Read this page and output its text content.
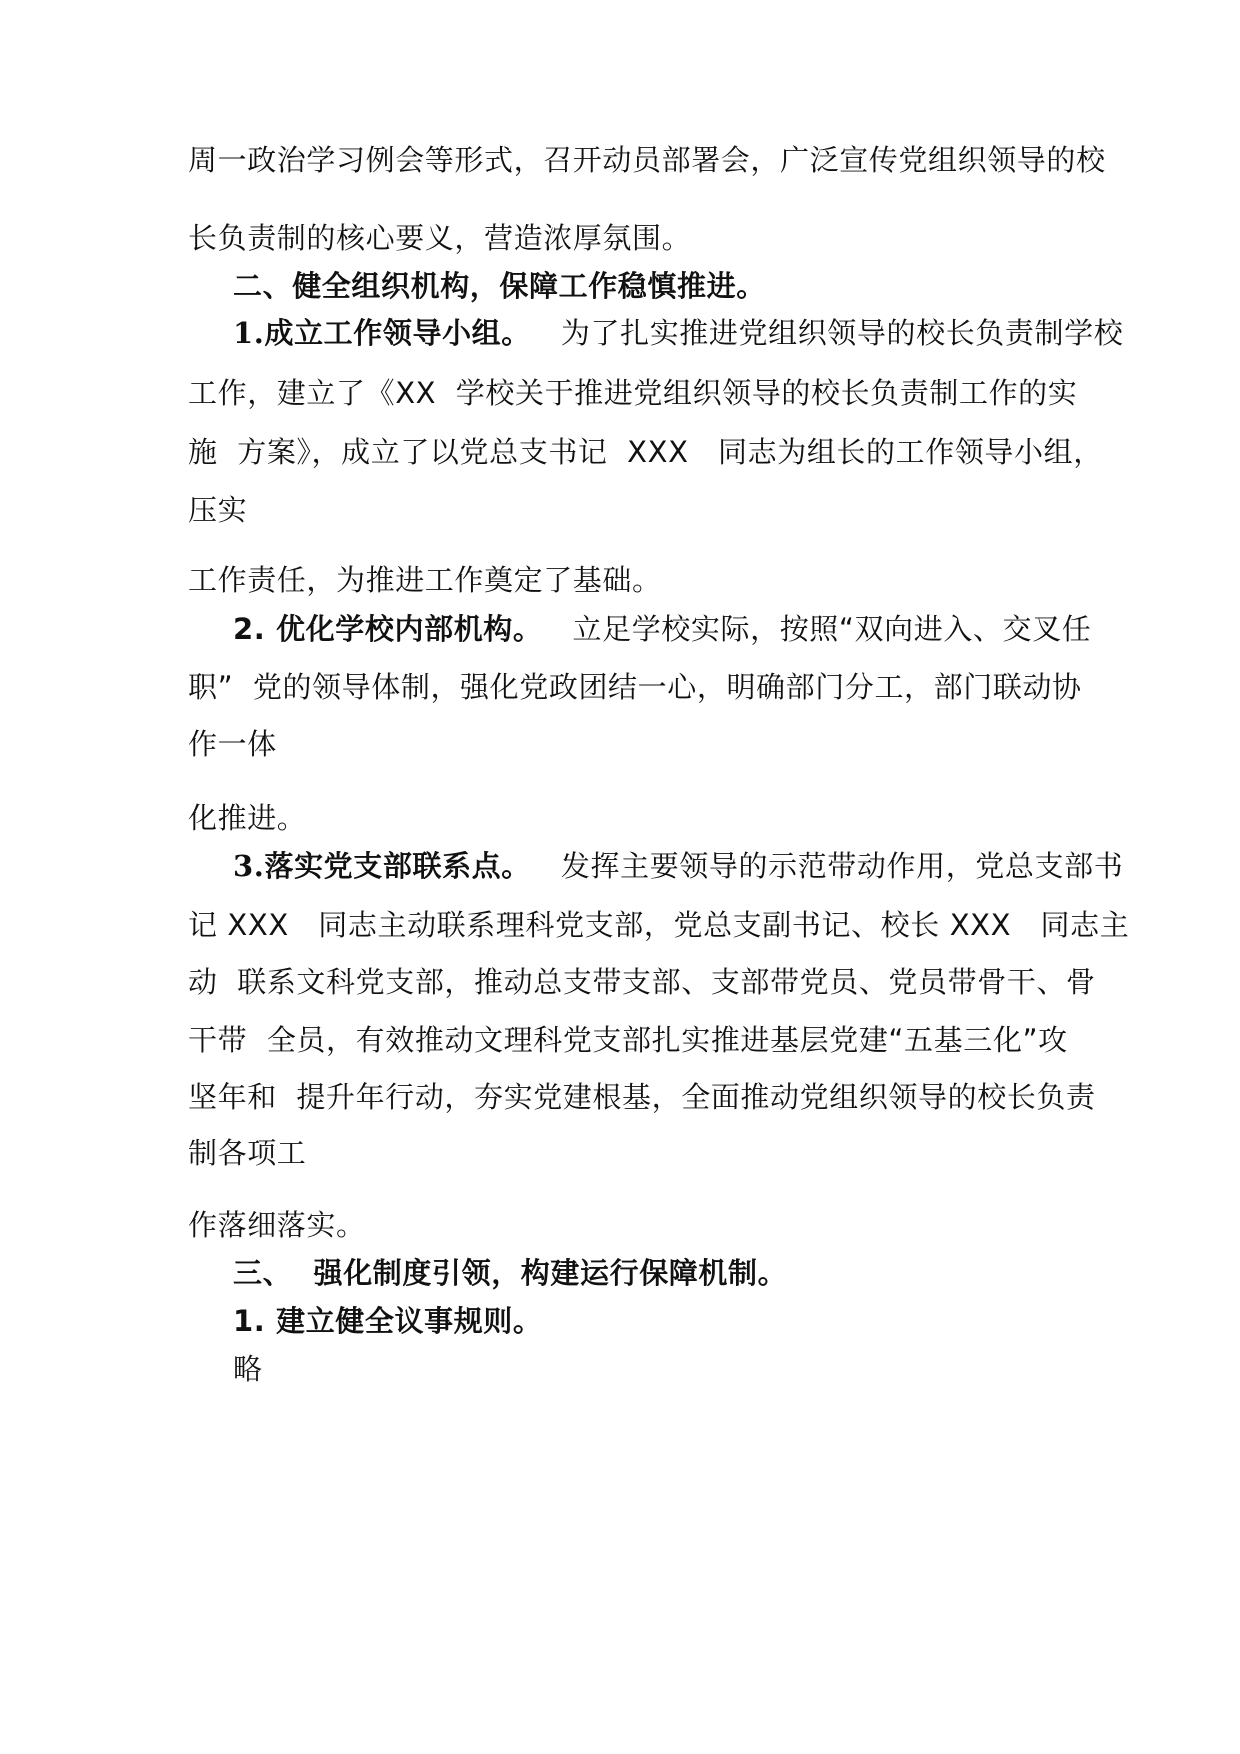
周一政治学习例会等形式，召开动员部署会，广泛宣传党组织领导的校
长负责制的核心要义，营造浓厚氛围。
二、健全组织机构，保障工作稳慎推进。
1.成立工作领导小组。 为了扎实推进党组织领导的校长负责制学校
工作，建立了《XX  学校关于推进党组织领导的校长负责制工作的实
施  方案》，成立了以党总支书记  XXX   同志为组长的工作领导小组，
压实
工作责任，为推进工作奠定了基础。
2. 优化学校内部机构。 立足学校实际，按照“双向进入、交叉任
职”  党的领导体制，强化党政团结一心，明确部门分工，部门联动协
作一体
化推进。
3.落实党支部联系点。 发挥主要领导的示范带动作用，党总支部书
记 XXX   同志主动联系理科党支部，党总支副书记、校长 XXX   同志主
动  联系文科党支部，推动总支带支部、支部带党员、党员带骨干、骨
干带  全员，有效推动文理科党支部扎实推进基层党建“五基三化”攻
坚年和  提升年行动，夯实党建根基，全面推动党组织领导的校长负责
制各项工
作落细落实。
三、  强化制度引领，构建运行保障机制。
1. 建立健全议事规则。
略
